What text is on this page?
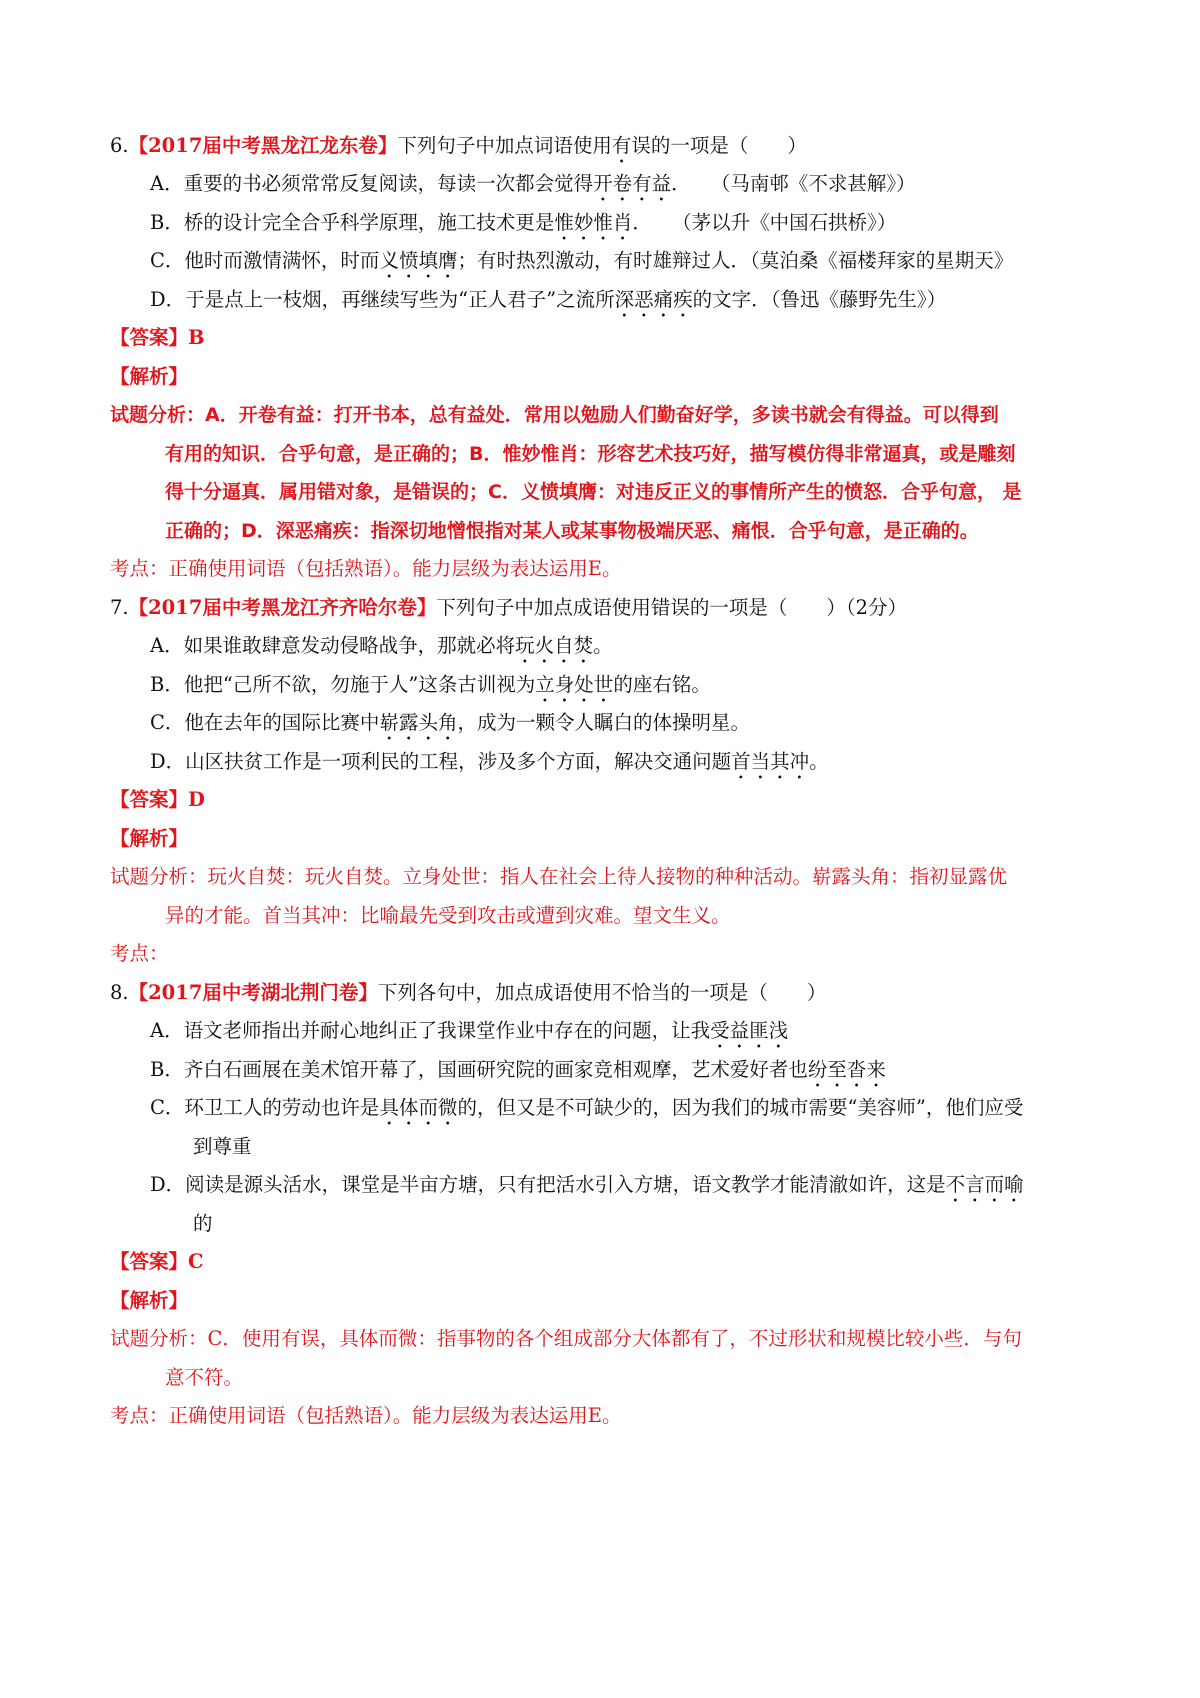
6.【2017届中考黑龙江龙东卷】下列句子中加点词语使用有误的一项是（　　）
A．重要的书必须常常反复阅读，每读一次都会觉得开卷有益． （马南邨《不求甚解》）
B．桥的设计完全合乎科学原理，施工技术更是惟妙惟肖． （茅以升《中国石拱桥》）
C．他时而激情满怀，时而义愤填膺；有时热烈激动，有时雄辩过人．（莫泊桑《福楼拜家的星期天》
D．于是点上一枝烟，再继续写些为“正人君子”之流所深恶痛疾的文字．（鲁迅《藤野先生》）
【答案】B
【解析】
试题分析：A．开卷有益：打开书本，总有益处．常用以勉励人们勤奋好学，多读书就会有得益。可以得到
有用的知识．合乎句意，是正确的；B．惟妙惟肖：形容艺术技巧好，描写模仿得非常逼真，或是雕刻
得十分逼真．属用错对象，是错误的；C．义愤填膺：对违反正义的事情所产生的愤怒．合乎句意， 是
正确的；D．深恶痛疾：指深切地憎恨指对某人或某事物极端厌恶、痛恨．合乎句意，是正确的。
考点：正确使用词语（包括熟语）。能力层级为表达运用E。
7.【2017届中考黑龙江齐齐哈尔卷】下列句子中加点成语使用错误的一项是（　　）（2分）
A．如果谁敢肆意发动侵略战争，那就必将玩火自焚。
B．他把“己所不欲，勿施于人”这条古训视为立身处世的座右铭。
C．他在去年的国际比赛中崭露头角，成为一颗令人瞩白的体操明星。
D．山区扶贫工作是一项利民的工程，涉及多个方面，解决交通问题首当其冲。
【答案】D
【解析】
试题分析：玩火自焚：玩火自焚。立身处世：指人在社会上待人接物的种种活动。崭露头角：指初显露优
异的才能。首当其冲：比喻最先受到攻击或遭到灾难。望文生义。
考点：
8.【2017届中考湖北荆门卷】下列各句中，加点成语使用不恰当的一项是（　　）
A．语文老师指出并耐心地纠正了我课堂作业中存在的问题，让我受益匪浅
B．齐白石画展在美术馆开幕了，国画研究院的画家竞相观摩，艺术爱好者也纷至沓来
C．环卫工人的劳动也许是具体而微的，但又是不可缺少的，因为我们的城市需要“美容师”，他们应受
到尊重
D．阅读是源头活水，课堂是半亩方塘，只有把活水引入方塘，语文教学才能清澈如许，这是不言而喻
的
【答案】C
【解析】
试题分析：C．使用有误，具体而微：指事物的各个组成部分大体都有了，不过形状和规模比较小些．与句
意不符。
考点：正确使用词语（包括熟语）。能力层级为表达运用E。
